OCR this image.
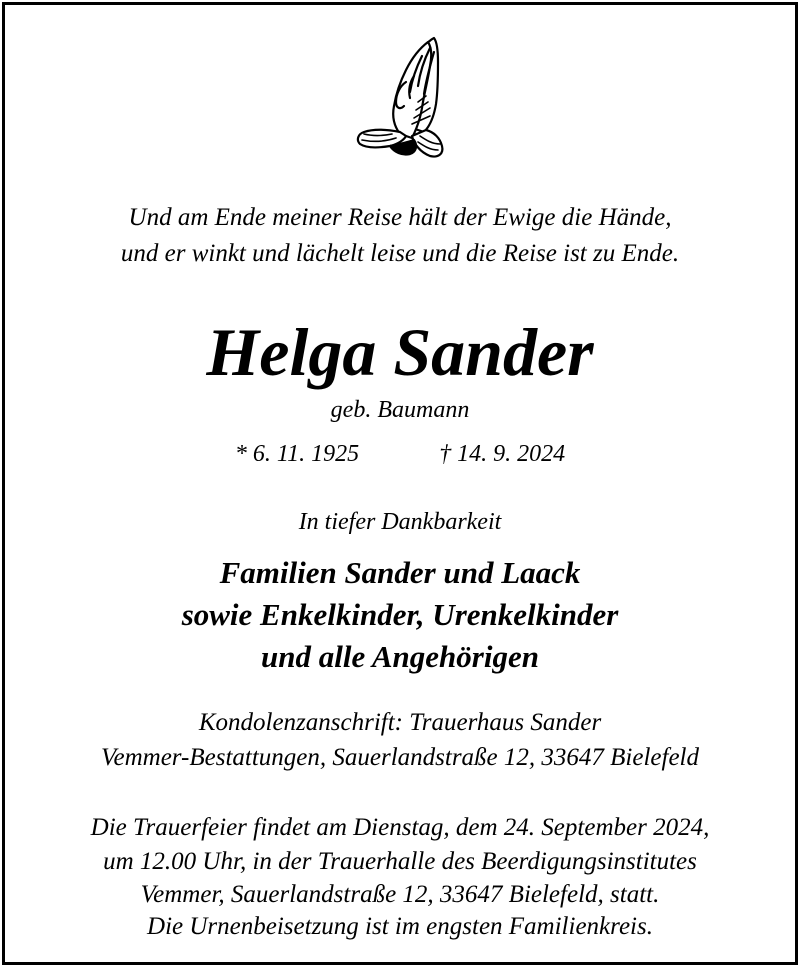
Und am Ende meiner Reise hält der Ewige die Hände,
und er winkt und lächelt leise und die Reise ist zu Ende.
Helga Sander
geb. Baumann
* 6. 11. 1925	† 14. 9. 2024
In tiefer Dankbarkeit
Familien Sander und Laack
sowie Enkelkinder, Urenkelkinder
und alle Angehörigen
Kondolenzanschrift: Trauerhaus Sander
Vemmer-Bestattungen, Sauerlandstraße 12, 33647 Bielefeld
Die Trauerfeier findet am Dienstag, dem 24. September 2024,
um 12.00 Uhr, in der Trauerhalle des Beerdigungsinstitutes
Vemmer, Sauerlandstraße 12, 33647 Bielefeld, statt.
Die Urnenbeisetzung ist im engsten Familienkreis.
